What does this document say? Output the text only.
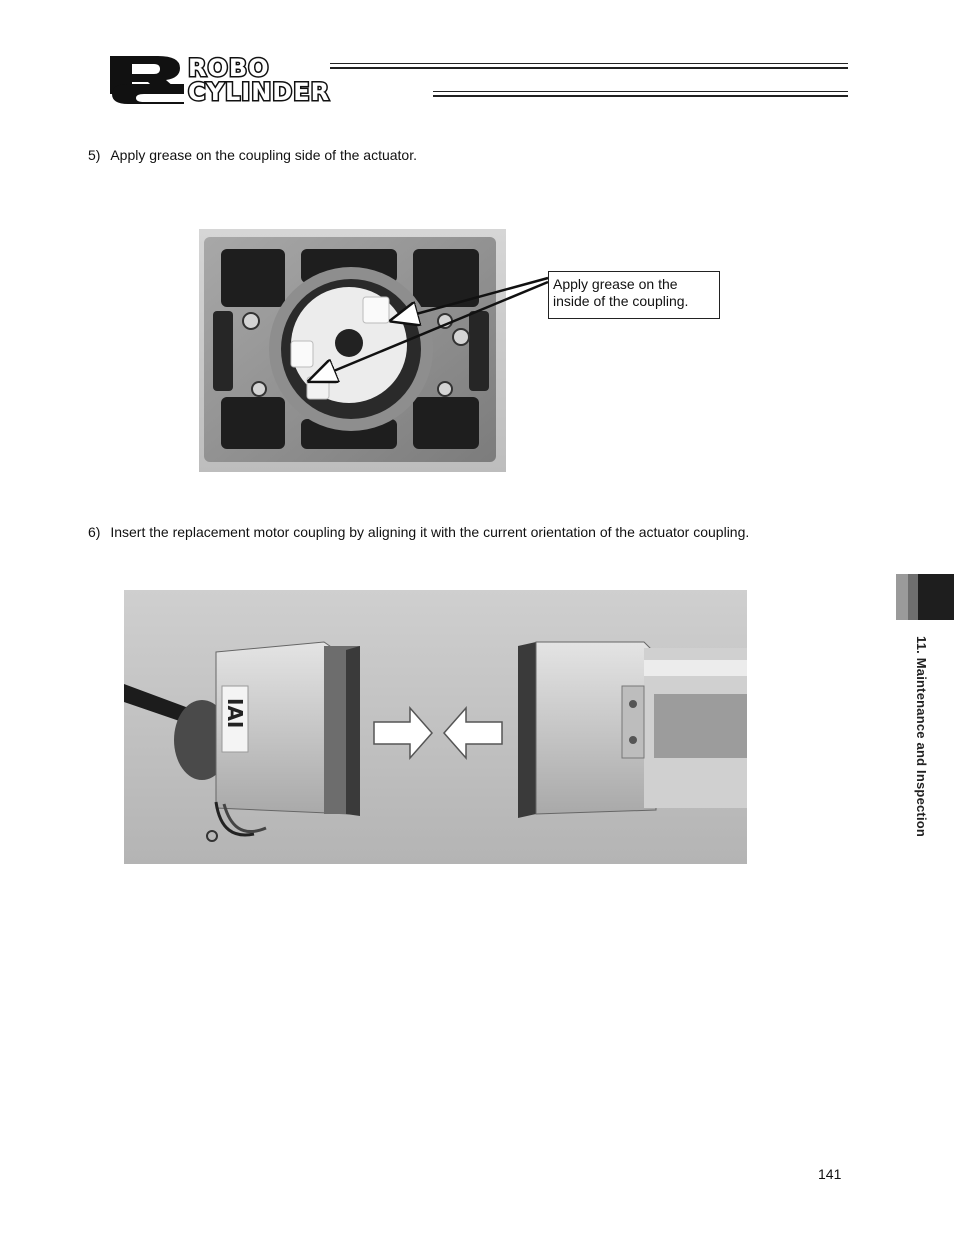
ROBO
CYLINDER
5) Apply grease on the coupling side of the actuator.
Apply grease on the
inside of the coupling.
6) Insert the replacement motor coupling by aligning it with the current orientation of the actuator coupling.
IAI	11. Maintenance and Inspection
141
